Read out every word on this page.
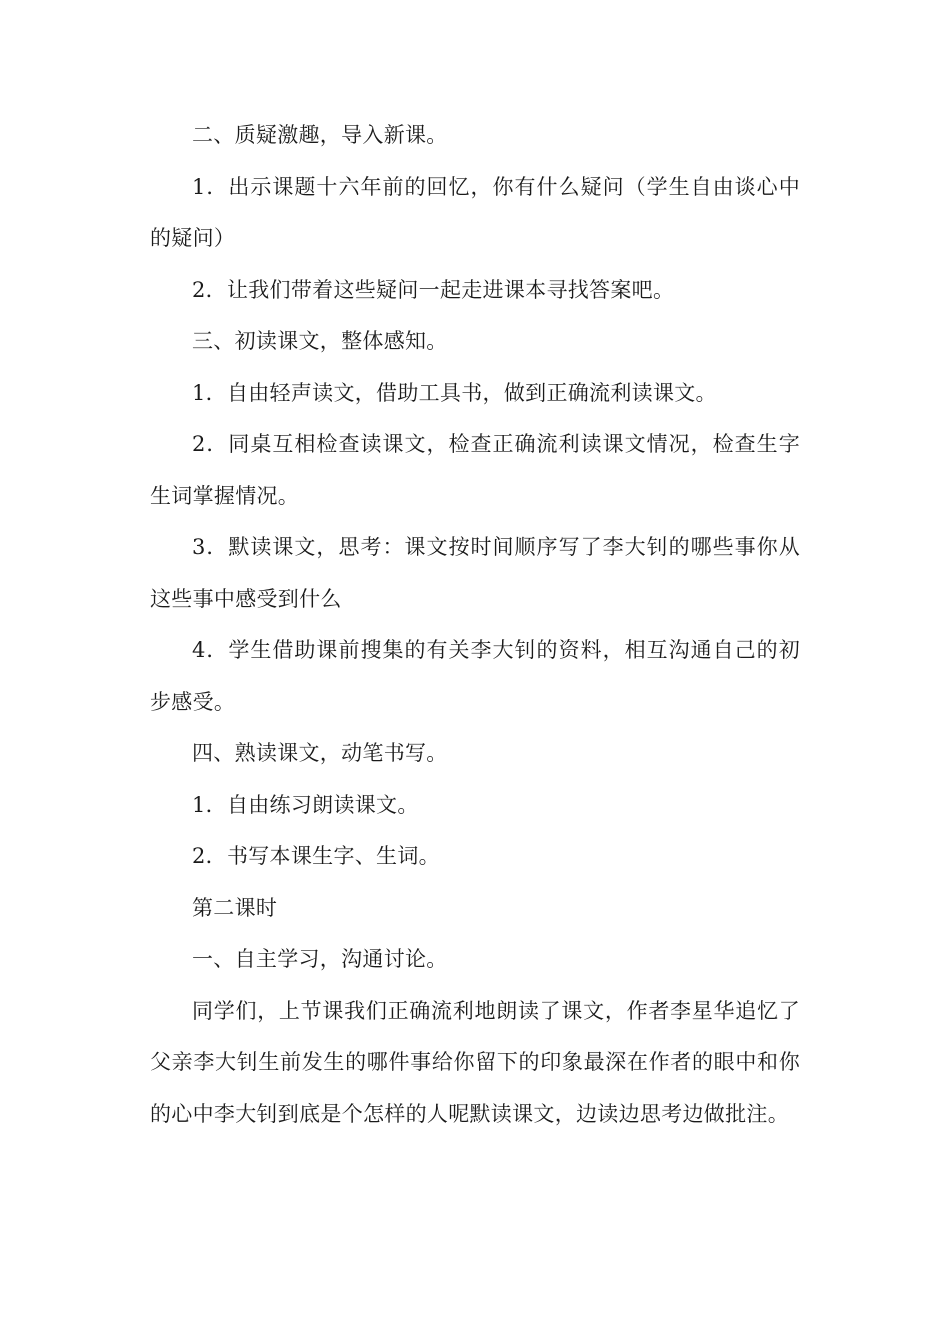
二、质疑激趣，导入新课。

1．出示课题十六年前的回忆，你有什么疑问（学生自由谈心中的疑问）

2．让我们带着这些疑问一起走进课本寻找答案吧。

三、初读课文，整体感知。

1．自由轻声读文，借助工具书，做到正确流利读课文。

2．同桌互相检查读课文，检查正确流利读课文情况，检查生字生词掌握情况。

3．默读课文，思考：课文按时间顺序写了李大钊的哪些事你从这些事中感受到什么

4．学生借助课前搜集的有关李大钊的资料，相互沟通自己的初步感受。

四、熟读课文，动笔书写。

1．自由练习朗读课文。

2．书写本课生字、生词。

第二课时

一、自主学习，沟通讨论。

同学们，上节课我们正确流利地朗读了课文，作者李星华追忆了父亲李大钊生前发生的哪件事给你留下的印象最深在作者的眼中和你的心中李大钊到底是个怎样的人呢默读课文，边读边思考边做批注。
